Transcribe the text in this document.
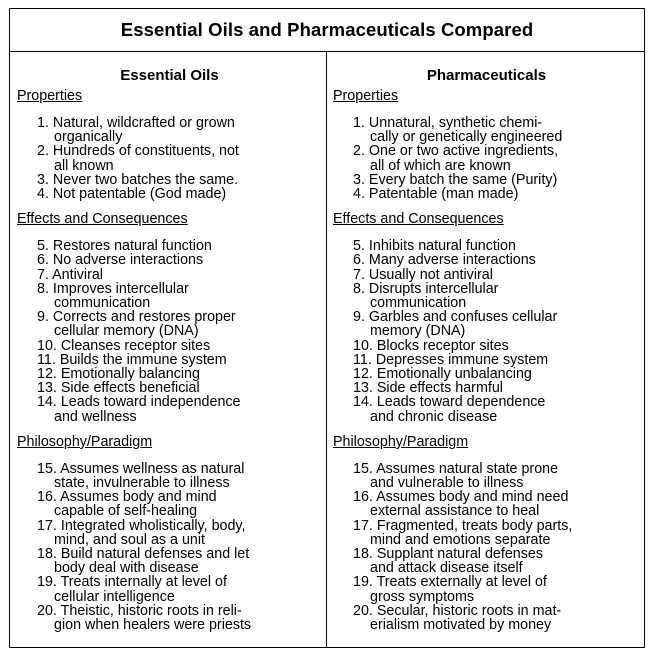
Essential Oils and Pharmaceuticals Compared
Essential Oils
Properties
1. Natural, wildcrafted or grown
organically
2. Hundreds of constituents, not
all known
3. Never two batches the same.
4. Not patentable (God made)
Effects and Consequences
5. Restores natural function
6. No adverse interactions
7. Antiviral
8. Improves intercellular
communication
9. Corrects and restores proper
cellular memory (DNA)
10. Cleanses receptor sites
11. Builds the immune system
12. Emotionally balancing
13. Side effects beneficial
14. Leads toward independence
and wellness
Philosophy/Paradigm
15. Assumes wellness as natural
state, invulnerable to illness
16. Assumes body and mind
capable of self-healing
17. Integrated wholistically, body,
mind, and soul as a unit
18. Build natural defenses and let
body deal with disease
19. Treats internally at level of
cellular intelligence
20. Theistic, historic roots in reli-
gion when healers were priests
Pharmaceuticals
Properties
1. Unnatural, synthetic chemi-
cally or genetically engineered
2. One or two active ingredients,
all of which are known
3. Every batch the same (Purity)
4. Patentable (man made)
Effects and Consequences
5. Inhibits natural function
6. Many adverse interactions
7. Usually not antiviral
8. Disrupts intercellular
communication
9. Garbles and confuses cellular
memory (DNA)
10. Blocks receptor sites
11. Depresses immune system
12. Emotionally unbalancing
13. Side effects harmful
14. Leads toward dependence
and chronic disease
Philosophy/Paradigm
15. Assumes natural state prone
and vulnerable to illness
16. Assumes body and mind need
external assistance to heal
17. Fragmented, treats body parts,
mind and emotions separate
18. Supplant natural defenses
and attack disease itself
19. Treats externally at level of
gross symptoms
20. Secular, historic roots in mat-
erialism motivated by money
